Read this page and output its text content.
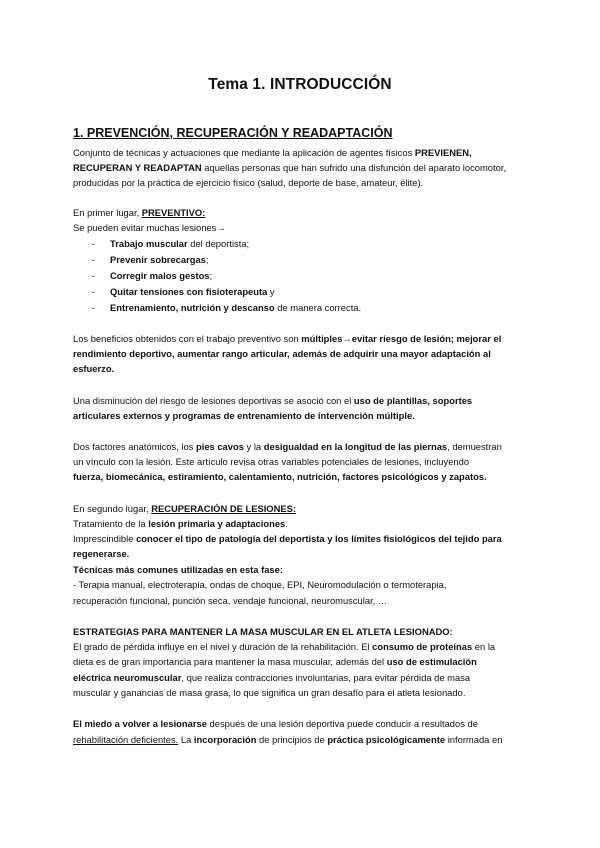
Tema 1. INTRODUCCIÓN
1. PREVENCIÓN, RECUPERACIÓN Y READAPTACIÓN
Conjunto de técnicas y actuaciones que mediante la aplicación de agentes físicos PREVIENEN,
RECUPERAN Y READAPTAN aquellas personas que han sufrido una disfunción del aparato locomotor,
producidas por la práctica de ejercicio físico (salud, deporte de base, amateur, élite).
En primer lugar, PREVENTIVO:
Se pueden evitar muchas lesiones→
- Trabajo muscular del deportista;
- Prevenir sobrecargas;
- Corregir malos gestos;
- Quitar tensiones con fisioterapeuta y
- Entrenamiento, nutrición y descanso de manera correcta.
Los beneficios obtenidos con el trabajo preventivo son múltiples→evitar riesgo de lesión; mejorar el
rendimiento deportivo, aumentar rango articular, además de adquirir una mayor adaptación al
esfuerzo.
Una disminución del riesgo de lesiones deportivas se asoció con el uso de plantillas, soportes
articulares externos y programas de entrenamiento de intervención múltiple.
Dos factores anatómicos, los pies cavos y la desigualdad en la longitud de las piernas, demuestran
un vínculo con la lesión. Este artículo revisa otras variables potenciales de lesiones, incluyendo
fuerza, biomecánica, estiramiento, calentamiento, nutrición, factores psicológicos y zapatos.
En segundo lugar, RECUPERACIÓN DE LESIONES:
Tratamiento de la lesión primaria y adaptaciones.
Imprescindible conocer el tipo de patología del deportista y los límites fisiológicos del tejido para
regenerarse.
Técnicas más comunes utilizadas en esta fase:
- Terapia manual, electroterapia, ondas de choque, EPI, Neuromodulación o termoterapia,
recuperación funcional, punción seca, vendaje funcional, neuromuscular, …
ESTRATEGIAS PARA MANTENER LA MASA MUSCULAR EN EL ATLETA LESIONADO:
El grado de pérdida influye en el nivel y duración de la rehabilitación. El consumo de proteínas en la
dieta es de gran importancia para mantener la masa muscular, además del uso de estimulación
eléctrica neuromuscular, que realiza contracciones involuntarias, para evitar pérdida de masa
muscular y ganancias de masa grasa, lo que significa un gran desafío para el atleta lesionado.
El miedo a volver a lesionarse después de una lesión deportiva puede conducir a resultados de
rehabilitación deficientes. La incorporación de principios de práctica psicológicamente informada en
